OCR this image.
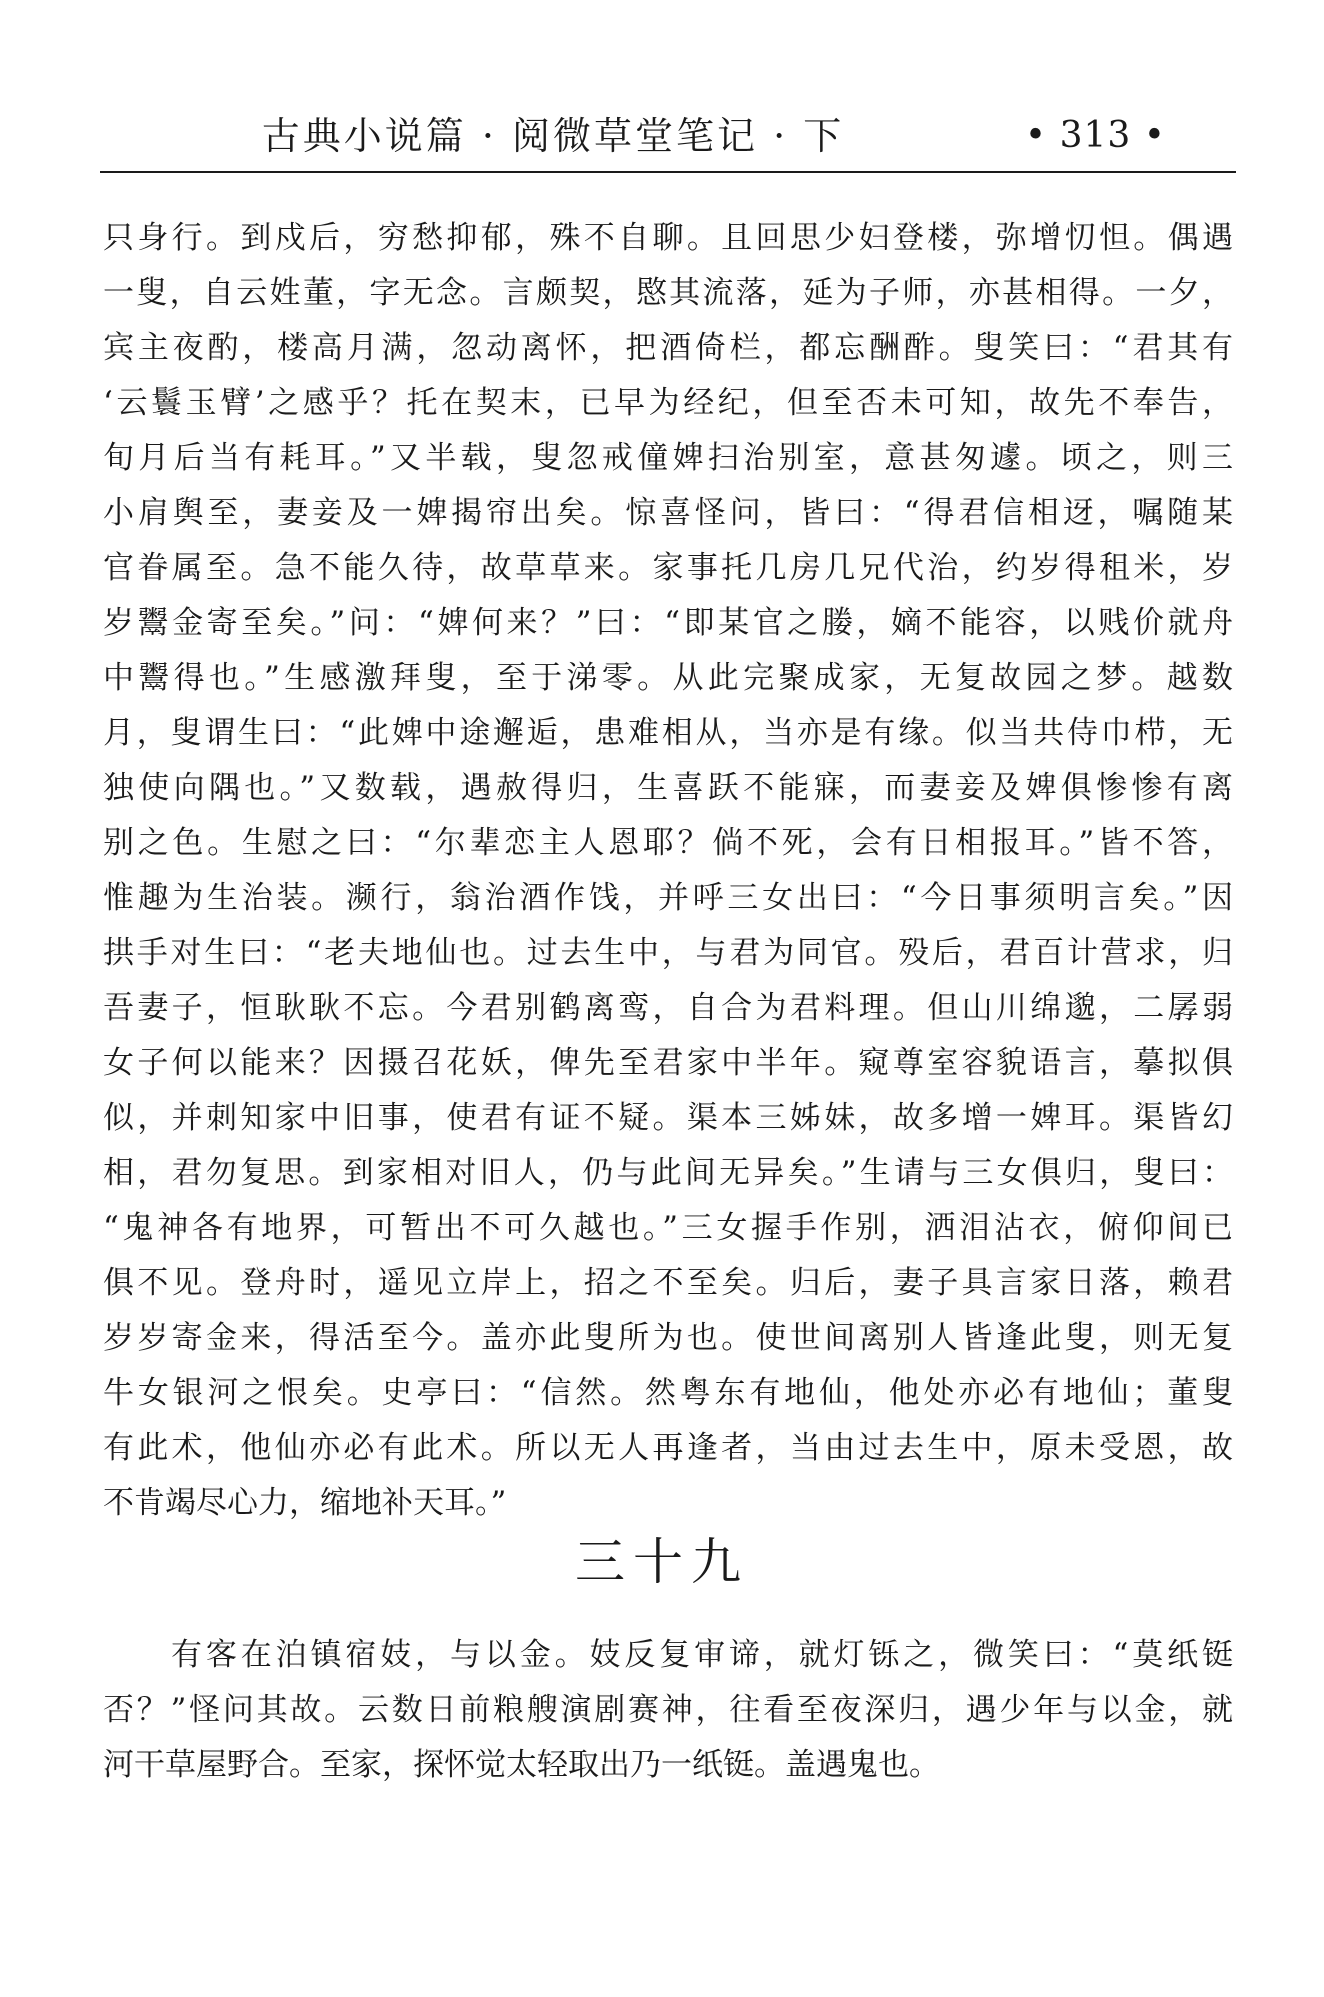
古典小说篇 · 阅微草堂笔记 · 下	• 313 •
只身行。到戍后，穷愁抑郁，殊不自聊。且回思少妇登楼，弥增忉怛。偶遇
一叟，自云姓董，字无念。言颇契，愍其流落，延为子师，亦甚相得。一夕，
宾主夜酌，楼高月满，忽动离怀，把酒倚栏，都忘酬酢。叟笑曰：“君其有
‘云鬟玉臂’之感乎？托在契末，已早为经纪，但至否未可知，故先不奉告，
旬月后当有耗耳。”又半载，叟忽戒僮婢扫治别室，意甚匆遽。顷之，则三
小肩舆至，妻妾及一婢揭帘出矣。惊喜怪问，皆曰：“得君信相迓，嘱随某
官眷属至。急不能久待，故草草来。家事托几房几兄代治，约岁得租米，岁
岁鬻金寄至矣。”问：“婢何来？”曰：“即某官之媵，嫡不能容，以贱价就舟
中鬻得也。”生感激拜叟，至于涕零。从此完聚成家，无复故园之梦。越数
月，叟谓生曰：“此婢中途邂逅，患难相从，当亦是有缘。似当共侍巾栉，无
独使向隅也。”又数载，遇赦得归，生喜跃不能寐，而妻妾及婢俱惨惨有离
别之色。生慰之曰：“尔辈恋主人恩耶？倘不死，会有日相报耳。”皆不答，
惟趣为生治装。濒行，翁治酒作饯，并呼三女出曰：“今日事须明言矣。”因
拱手对生曰：“老夫地仙也。过去生中，与君为同官。殁后，君百计营求，归
吾妻子，恒耿耿不忘。今君别鹤离鸾，自合为君料理。但山川绵邈，二孱弱
女子何以能来？因摄召花妖，俾先至君家中半年。窥尊室容貌语言，摹拟俱
似，并刺知家中旧事，使君有证不疑。渠本三姊妹，故多增一婢耳。渠皆幻
相，君勿复思。到家相对旧人，仍与此间无异矣。”生请与三女俱归，叟曰：
“鬼神各有地界，可暂出不可久越也。”三女握手作别，洒泪沾衣，俯仰间已
俱不见。登舟时，遥见立岸上，招之不至矣。归后，妻子具言家日落，赖君
岁岁寄金来，得活至今。盖亦此叟所为也。使世间离别人皆逢此叟，则无复
牛女银河之恨矣。史亭曰：“信然。然粤东有地仙，他处亦必有地仙；董叟
有此术，他仙亦必有此术。所以无人再逢者，当由过去生中，原未受恩，故
不肯竭尽心力，缩地补天耳。”
三十九
有客在泊镇宿妓，与以金。妓反复审谛，就灯铄之，微笑曰：“莫纸铤
否？”怪问其故。云数日前粮艘演剧赛神，往看至夜深归，遇少年与以金，就
河干草屋野合。至家，探怀觉太轻取出乃一纸铤。盖遇鬼也。
